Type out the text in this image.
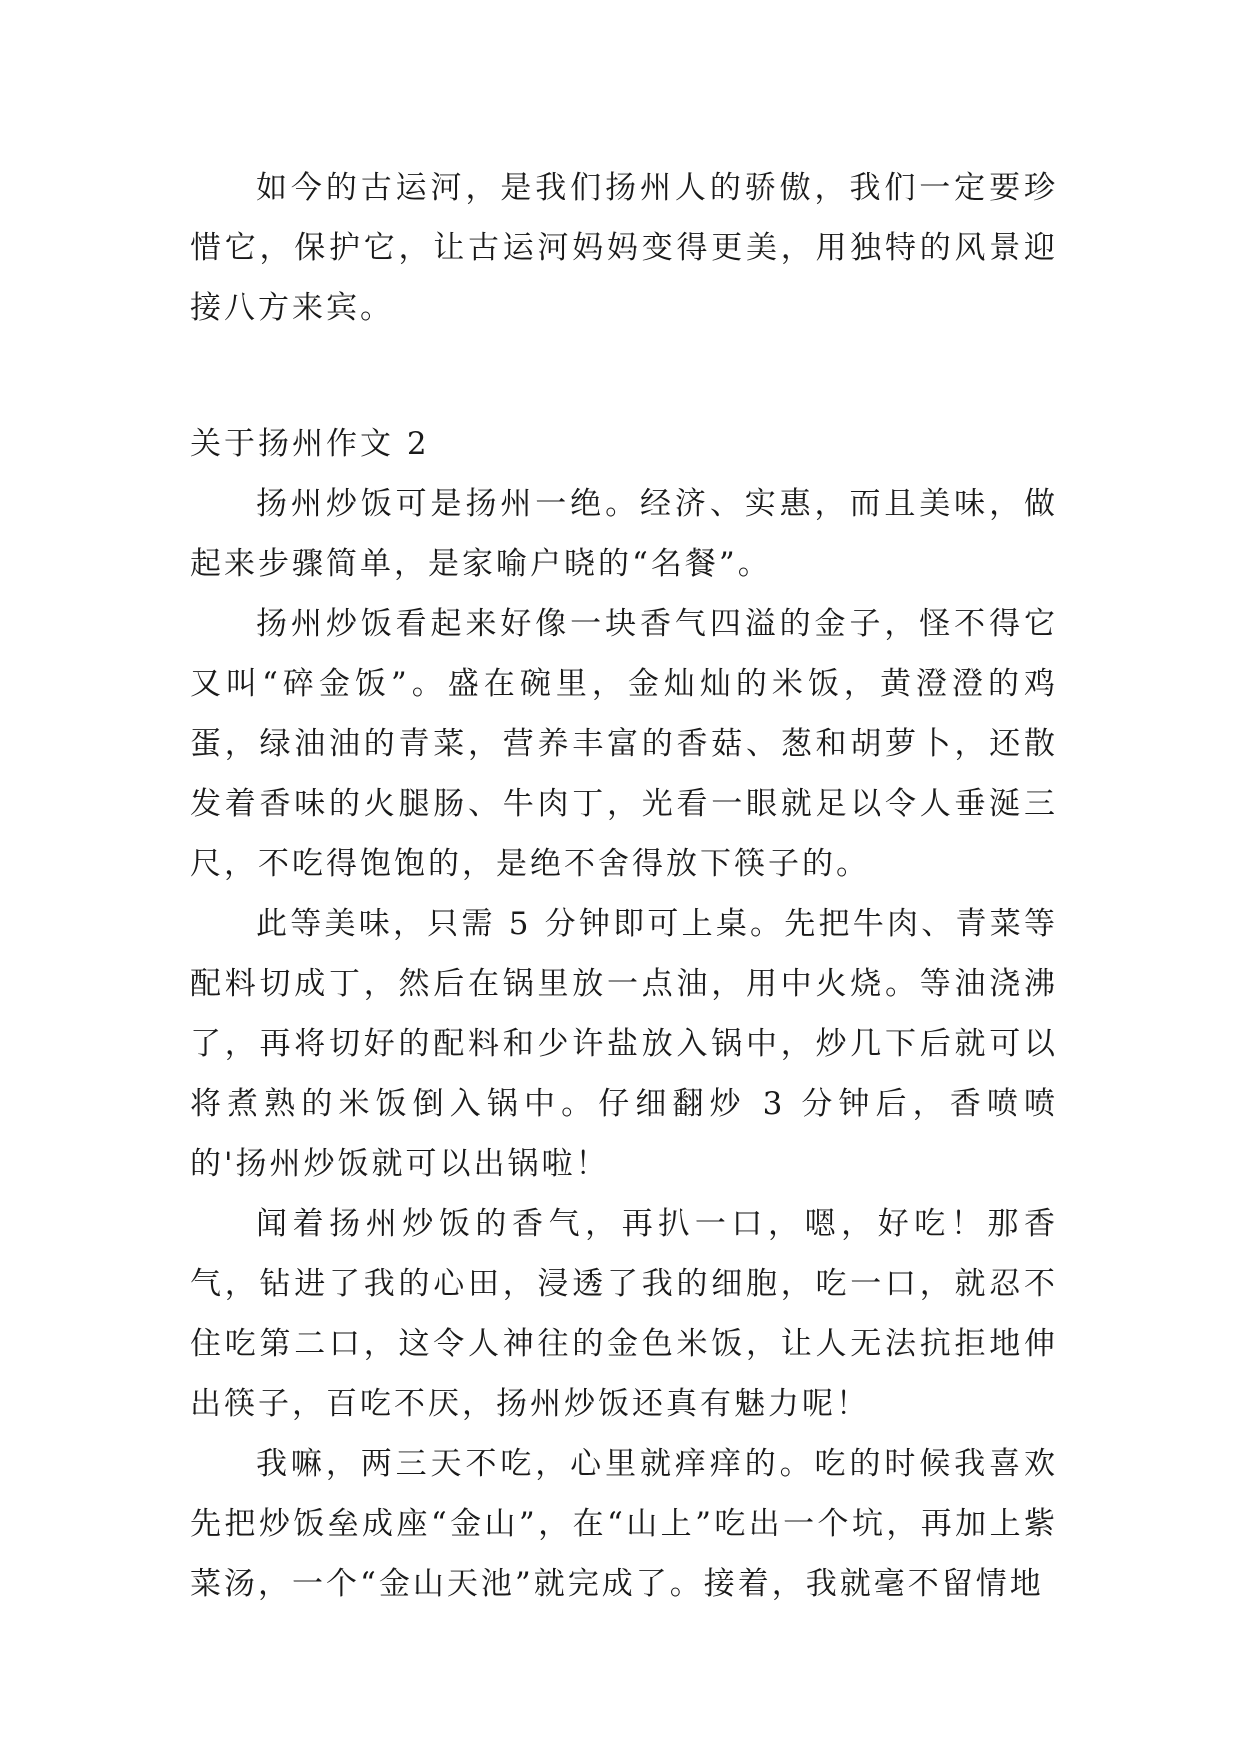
如今的古运河，是我们扬州人的骄傲，我们一定要珍惜它，保护它，让古运河妈妈变得更美，用独特的风景迎接八方来宾。

关于扬州作文 2

扬州炒饭可是扬州一绝。经济、实惠，而且美味，做起来步骤简单，是家喻户晓的“名餐”。

扬州炒饭看起来好像一块香气四溢的金子，怪不得它又叫“碎金饭”。盛在碗里，金灿灿的米饭，黄澄澄的鸡蛋，绿油油的青菜，营养丰富的香菇、葱和胡萝卜，还散发着香味的火腿肠、牛肉丁，光看一眼就足以令人垂涎三尺，不吃得饱饱的，是绝不舍得放下筷子的。

此等美味，只需 5 分钟即可上桌。先把牛肉、青菜等配料切成丁，然后在锅里放一点油，用中火烧。等油浇沸了，再将切好的配料和少许盐放入锅中，炒几下后就可以将煮熟的米饭倒入锅中。仔细翻炒 3 分钟后，香喷喷的'扬州炒饭就可以出锅啦！

闻着扬州炒饭的香气，再扒一口，嗯，好吃！那香气，钻进了我的心田，浸透了我的细胞，吃一口，就忍不住吃第二口，这令人神往的金色米饭，让人无法抗拒地伸出筷子，百吃不厌，扬州炒饭还真有魅力呢！

我嘛，两三天不吃，心里就痒痒的。吃的时候我喜欢先把炒饭垒成座“金山”，在“山上”吃出一个坑，再加上紫菜汤，一个“金山天池”就完成了。接着，我就毫不留情地
